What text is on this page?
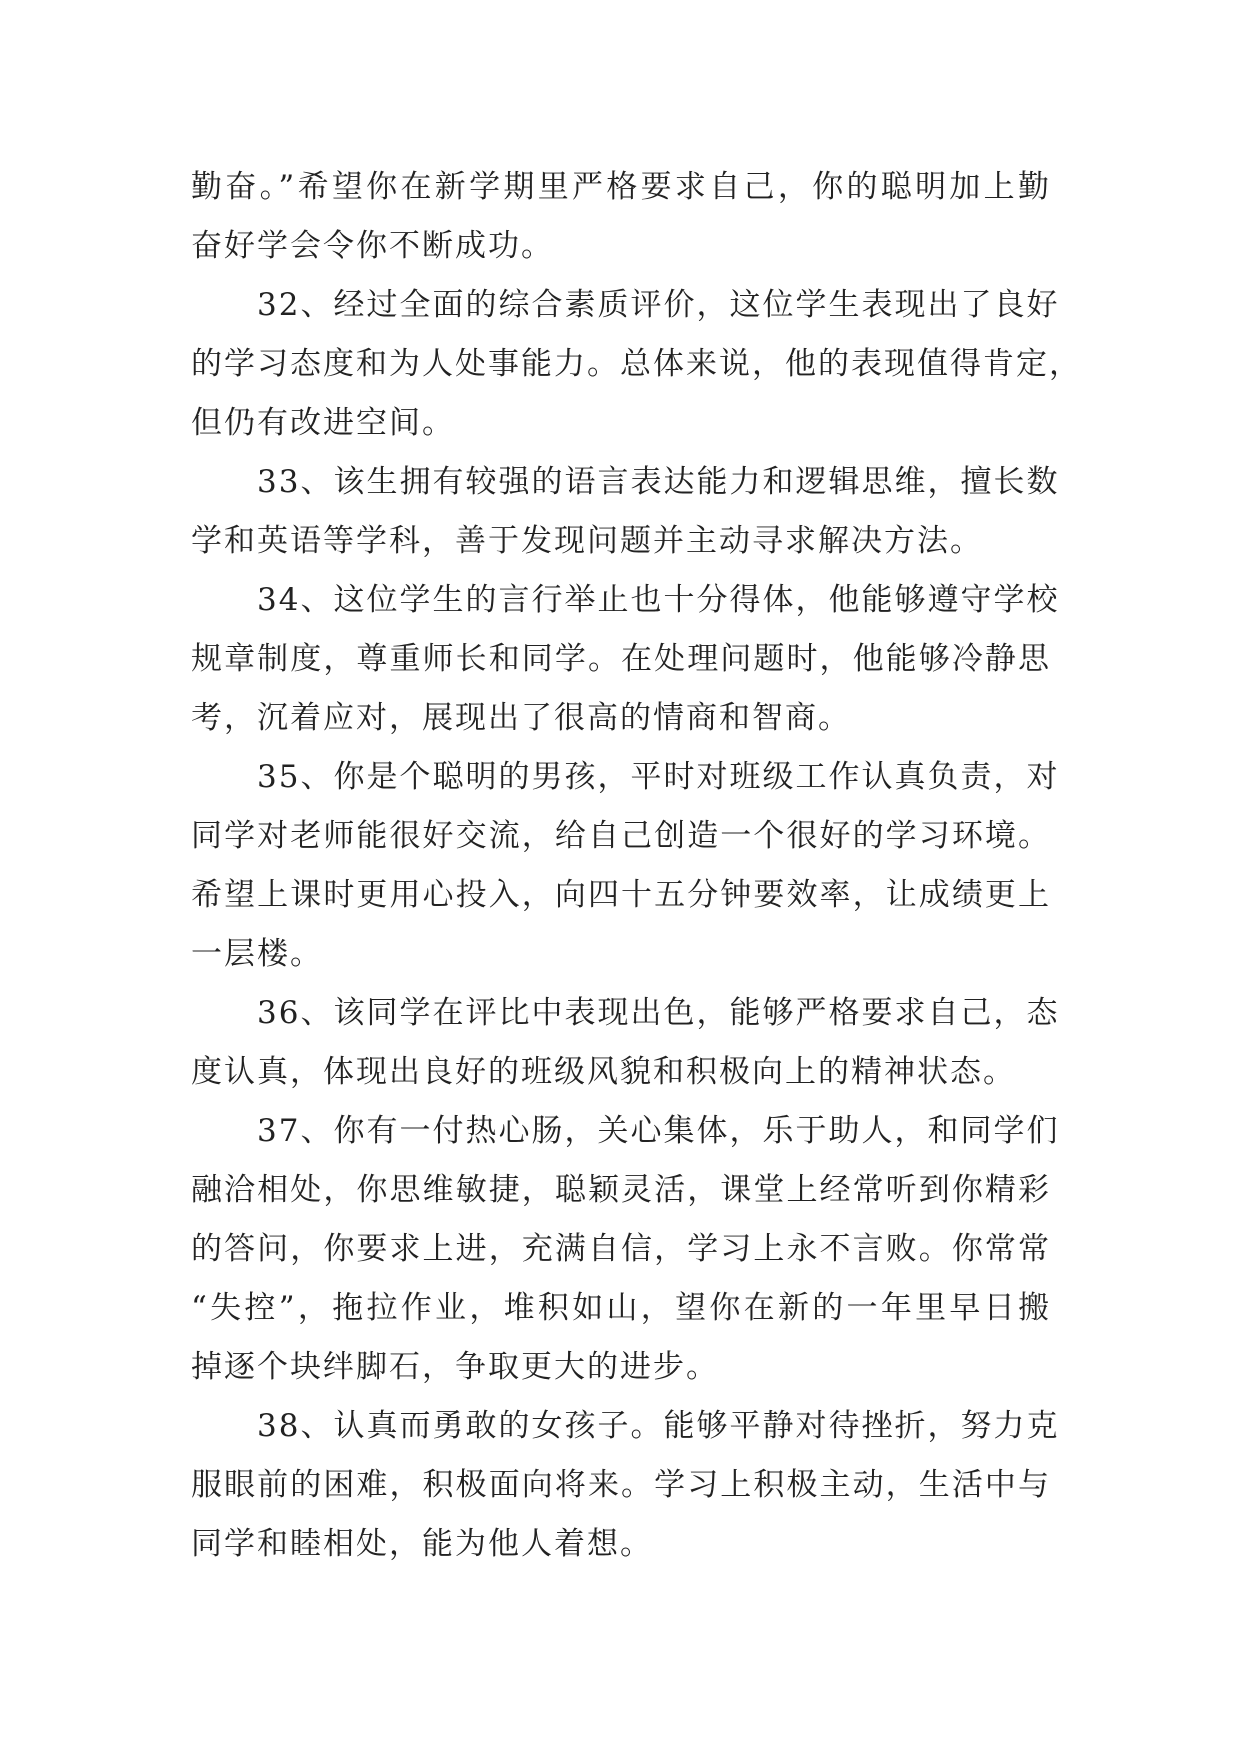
勤奋。”希望你在新学期里严格要求自己，你的聪明加上勤
奋好学会令你不断成功。
　　32、经过全面的综合素质评价，这位学生表现出了良好
的学习态度和为人处事能力。总体来说，他的表现值得肯定，
但仍有改进空间。
　　33、该生拥有较强的语言表达能力和逻辑思维，擅长数
学和英语等学科，善于发现问题并主动寻求解决方法。
　　34、这位学生的言行举止也十分得体，他能够遵守学校
规章制度，尊重师长和同学。在处理问题时，他能够冷静思
考，沉着应对，展现出了很高的情商和智商。
　　35、你是个聪明的男孩，平时对班级工作认真负责，对
同学对老师能很好交流，给自己创造一个很好的学习环境。
希望上课时更用心投入，向四十五分钟要效率，让成绩更上
一层楼。
　　36、该同学在评比中表现出色，能够严格要求自己，态
度认真，体现出良好的班级风貌和积极向上的精神状态。
　　37、你有一付热心肠，关心集体，乐于助人，和同学们
融洽相处，你思维敏捷，聪颖灵活，课堂上经常听到你精彩
的答问，你要求上进，充满自信，学习上永不言败。你常常
“失控”，拖拉作业，堆积如山，望你在新的一年里早日搬
掉逐个块绊脚石，争取更大的进步。
　　38、认真而勇敢的女孩子。能够平静对待挫折，努力克
服眼前的困难，积极面向将来。学习上积极主动，生活中与
同学和睦相处，能为他人着想。
